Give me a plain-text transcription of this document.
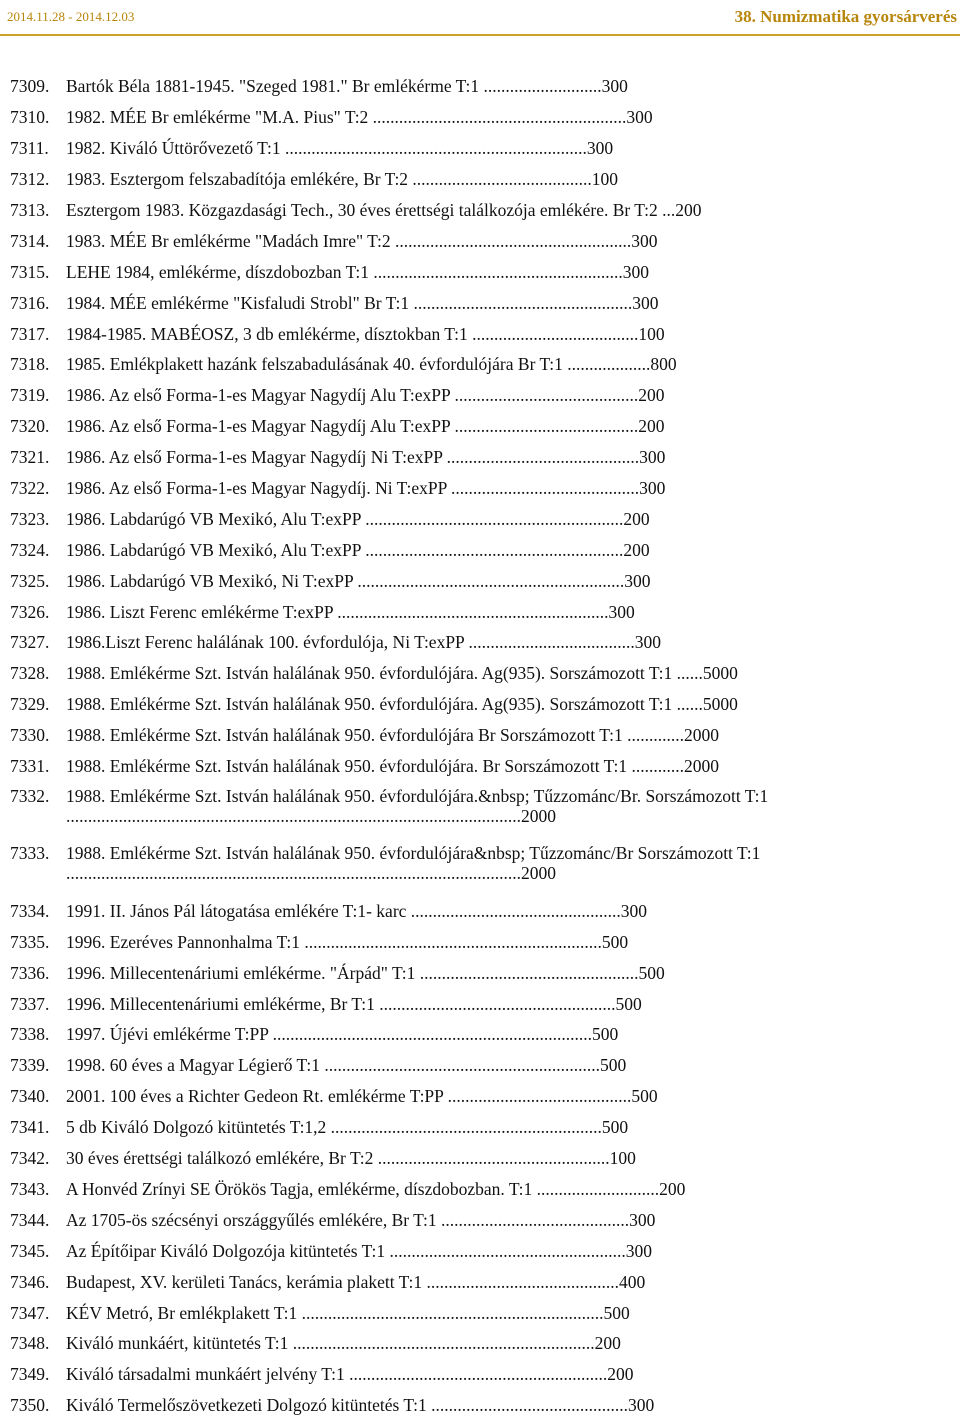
2014.11.28 - 2014.12.03	38. Numizmatika gyorsárverés
7309. Bartók Béla 1881-1945. "Szeged 1981." Br emlékérme T:1 ...........................300
7310. 1982. MÉE Br emlékérme "M.A. Pius" T:2 ..........................................................300
7311. 1982. Kiváló Úttörővezető T:1 .....................................................................300
7312. 1983. Esztergom felszabadítója emlékére, Br T:2 .........................................100
7313. Esztergom 1983. Közgazdasági Tech., 30 éves érettségi találkozója emlékére. Br T:2 ...200
7314. 1983. MÉE Br emlékérme "Madách Imre" T:2 ......................................................300
7315. LEHE 1984, emlékérme, díszdobozban T:1 .........................................................300
7316. 1984. MÉE emlékérme "Kisfaludi Strobl" Br T:1 ..................................................300
7317. 1984-1985. MABÉOSZ, 3 db emlékérme, dísztokban T:1 ......................................100
7318. 1985. Emlékplakett hazánk felszabadulásának 40. évfordulójára Br T:1 ...................800
7319. 1986. Az első Forma-1-es Magyar Nagydíj Alu T:exPP ..........................................200
7320. 1986. Az első Forma-1-es Magyar Nagydíj Alu T:exPP ..........................................200
7321. 1986. Az első Forma-1-es Magyar Nagydíj Ni T:exPP ............................................300
7322. 1986. Az első Forma-1-es Magyar Nagydíj. Ni T:exPP ...........................................300
7323. 1986. Labdarúgó VB Mexikó, Alu T:exPP ...........................................................200
7324. 1986. Labdarúgó VB Mexikó, Alu T:exPP ...........................................................200
7325. 1986. Labdarúgó VB Mexikó, Ni T:exPP .............................................................300
7326. 1986. Liszt Ferenc emlékérme T:exPP ..............................................................300
7327. 1986.Liszt Ferenc halálának 100. évfordulója, Ni T:exPP ......................................300
7328. 1988. Emlékérme Szt. István halálának 950. évfordulójára. Ag(935). Sorszámozott T:1 ......5000
7329. 1988. Emlékérme Szt. István halálának 950. évfordulójára. Ag(935). Sorszámozott T:1 ......5000
7330. 1988. Emlékérme Szt. István halálának 950. évfordulójára Br Sorszámozott T:1 .............2000
7331. 1988. Emlékérme Szt. István halálának 950. évfordulójára. Br Sorszámozott T:1 ............2000
7332. 1988. Emlékérme Szt. István halálának 950. évfordulójára.&nbsp; Tűzzománc/Br. Sorszámozott T:1 ........................................................................................................2000
7333. 1988. Emlékérme Szt. István halálának 950. évfordulójára&nbsp; Tűzzománc/Br Sorszámozott T:1 ........................................................................................................2000
7334. 1991. II. János Pál látogatása emlékére T:1- karc ................................................300
7335. 1996. Ezeréves Pannonhalma T:1 ....................................................................500
7336. 1996. Millecentenáriumi emlékérme. "Árpád" T:1 ..................................................500
7337. 1996. Millecentenáriumi emlékérme, Br T:1 ......................................................500
7338. 1997. Újévi emlékérme T:PP .........................................................................500
7339. 1998. 60 éves a Magyar Légierő T:1 ...............................................................500
7340. 2001. 100 éves a Richter Gedeon Rt. emlékérme T:PP ..........................................500
7341. 5 db Kiváló Dolgozó kitüntetés T:1,2 ..............................................................500
7342. 30 éves érettségi találkozó emlékére, Br T:2 .....................................................100
7343. A Honvéd Zrínyi SE Örökös Tagja, emlékérme, díszdobozban. T:1 ............................200
7344. Az 1705-ös szécsényi országgyűlés emlékére, Br T:1 ...........................................300
7345. Az Építőipar Kiváló Dolgozója kitüntetés T:1 ......................................................300
7346. Budapest, XV. kerületi Tanács, kerámia plakett T:1 ............................................400
7347. KÉV Metró, Br emlékplakett T:1 .....................................................................500
7348. Kiváló munkáért, kitüntetés T:1 .....................................................................200
7349. Kiváló társadalmi munkáért jelvény T:1 ...........................................................200
7350. Kiváló Termelőszövetkezeti Dolgozó kitüntetés T:1 .............................................300
